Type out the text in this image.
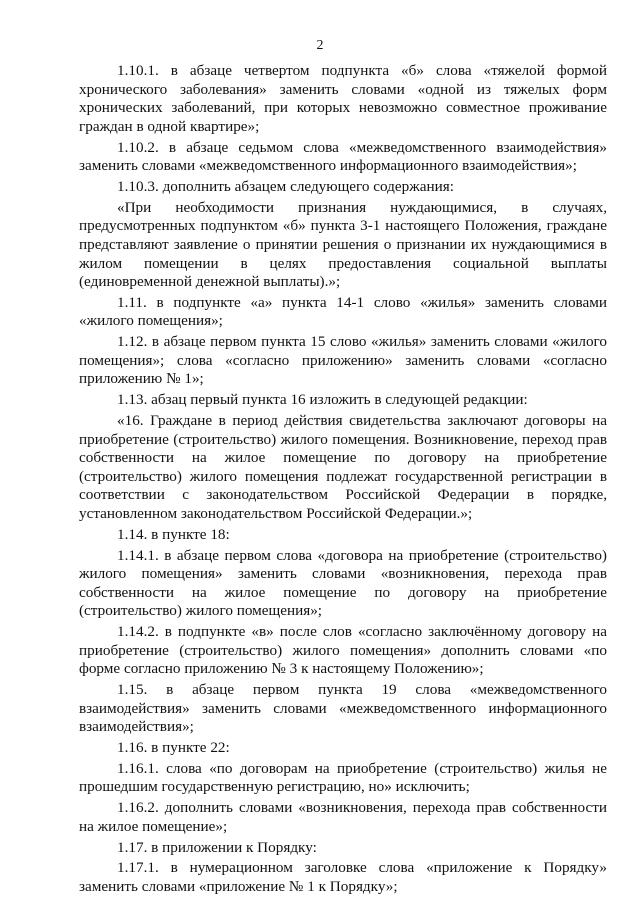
2

1.10.1. в абзаце четвертом подпункта «б» слова «тяжелой формой хронического заболевания» заменить словами «одной из тяжелых форм хронических заболеваний, при которых невозможно совместное проживание граждан в одной квартире»;

1.10.2. в абзаце седьмом слова «межведомственного взаимодействия» заменить словами «межведомственного информационного взаимодействия»;

1.10.3. дополнить абзацем следующего содержания:

«При необходимости признания нуждающимися, в случаях, предусмотренных подпунктом «б» пункта 3-1 настоящего Положения, граждане представляют заявление о принятии решения о признании их нуждающимися в жилом помещении в целях предоставления социальной выплаты (единовременной денежной выплаты).»;

1.11. в подпункте «а» пункта 14-1 слово «жилья» заменить словами «жилого помещения»;

1.12. в абзаце первом пункта 15 слово «жилья» заменить словами «жилого помещения»; слова «согласно приложению» заменить словами «согласно приложению № 1»;

1.13. абзац первый пункта 16 изложить в следующей редакции:

«16. Граждане в период действия свидетельства заключают договоры на приобретение (строительство) жилого помещения. Возникновение, переход прав собственности на жилое помещение по договору на приобретение (строительство) жилого помещения подлежат государственной регистрации в соответствии с законодательством Российской Федерации в порядке, установленном законодательством Российской Федерации.»;

1.14. в пункте 18:

1.14.1. в абзаце первом слова «договора на приобретение (строительство) жилого помещения» заменить словами «возникновения, перехода прав собственности на жилое помещение по договору на приобретение (строительство) жилого помещения»;

1.14.2. в подпункте «в» после слов «согласно заключённому договору на приобретение (строительство) жилого помещения» дополнить словами «по форме согласно приложению № 3 к настоящему Положению»;

1.15. в абзаце первом пункта 19 слова «межведомственного взаимодействия» заменить словами «межведомственного информационного взаимодействия»;

1.16. в пункте 22:

1.16.1. слова «по договорам на приобретение (строительство) жилья не прошедшим государственную регистрацию, но» исключить;

1.16.2. дополнить словами «возникновения, перехода прав собственности на жилое помещение»;

1.17. в приложении к Порядку:

1.17.1. в нумерационном заголовке слова «приложение к Порядку» заменить словами «приложение № 1 к Порядку»;
